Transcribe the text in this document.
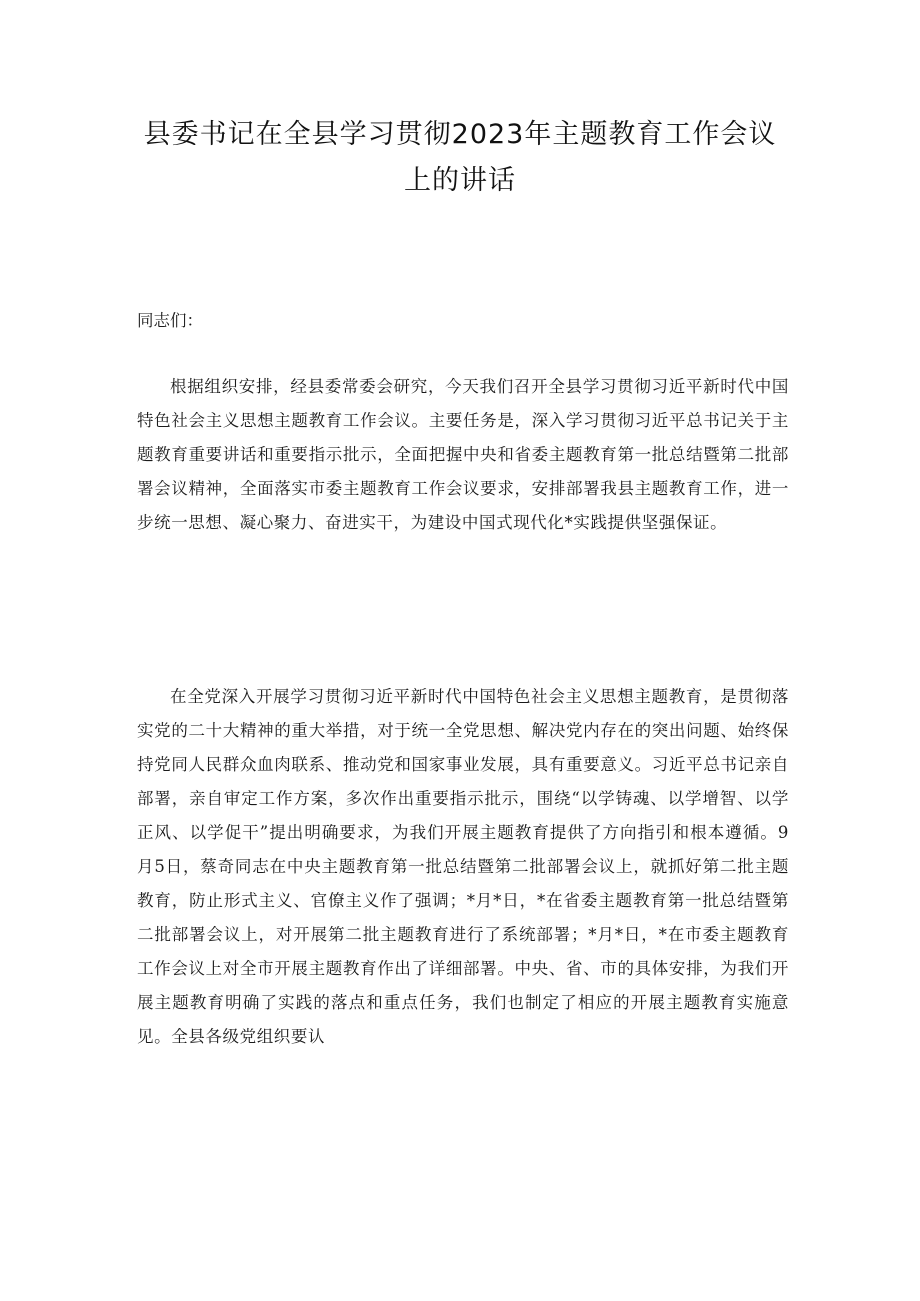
县委书记在全县学习贯彻2023年主题教育工作会议
上的讲话

同志们：

根据组织安排，经县委常委会研究，今天我们召开全县学习贯彻习近平新时代中国特色社会主义思想主题教育工作会议。主要任务是，深入学习贯彻习近平总书记关于主题教育重要讲话和重要指示批示，全面把握中央和省委主题教育第一批总结暨第二批部署会议精神，全面落实市委主题教育工作会议要求，安排部署我县主题教育工作，进一步统一思想、凝心聚力、奋进实干，为建设中国式现代化*实践提供坚强保证。

在全党深入开展学习贯彻习近平新时代中国特色社会主义思想主题教育，是贯彻落实党的二十大精神的重大举措，对于统一全党思想、解决党内存在的突出问题、始终保持党同人民群众血肉联系、推动党和国家事业发展，具有重要意义。习近平总书记亲自部署，亲自审定工作方案，多次作出重要指示批示，围绕“以学铸魂、以学增智、以学正风、以学促干”提出明确要求，为我们开展主题教育提供了方向指引和根本遵循。9月5日，蔡奇同志在中央主题教育第一批总结暨第二批部署会议上，就抓好第二批主题教育，防止形式主义、官僚主义作了强调；*月*日，*在省委主题教育第一批总结暨第二批部署会议上，对开展第二批主题教育进行了系统部署；*月*日，*在市委主题教育工作会议上对全市开展主题教育作出了详细部署。中央、省、市的具体安排，为我们开展主题教育明确了实践的落点和重点任务，我们也制定了相应的开展主题教育实施意见。全县各级党组织要认
